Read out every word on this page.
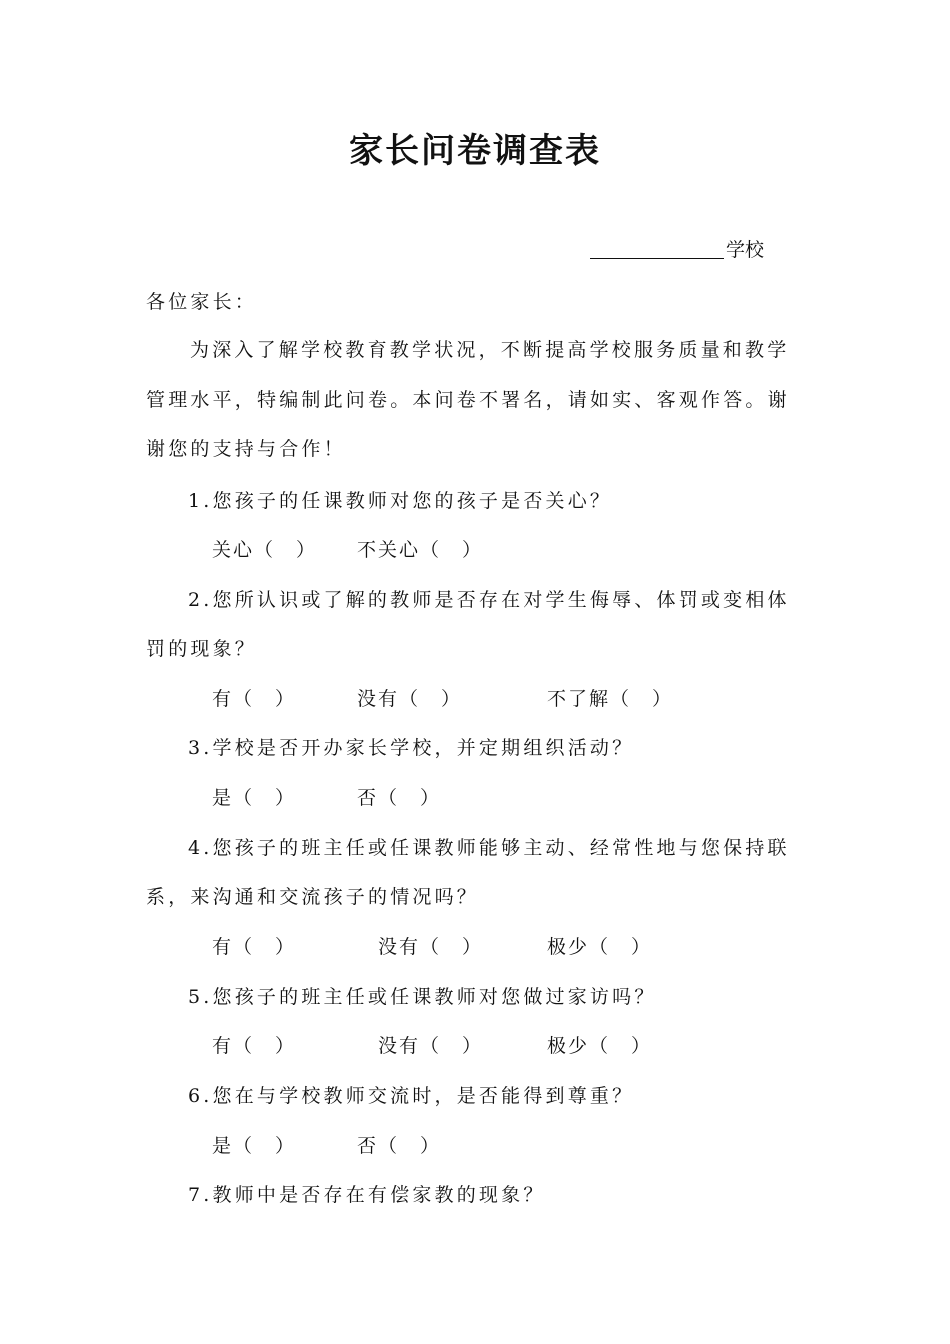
家长问卷调查表
学校
各位家长：
为深入了解学校教育教学状况，不断提高学校服务质量和教学管理水平，特编制此问卷。本问卷不署名，请如实、客观作答。谢谢您的支持与合作！
1.您孩子的任课教师对您的孩子是否关心？
关心（　） 不关心（　）
2.您所认识或了解的教师是否存在对学生侮辱、体罚或变相体
罚的现象？
有（　）	没有（　）	不了解（　）
3.学校是否开办家长学校，并定期组织活动？
是（　）	否（　）
4.您孩子的班主任或任课教师能够主动、经常性地与您保持联
系，来沟通和交流孩子的情况吗？
有（　）	没有（　）	极少（　）
5.您孩子的班主任或任课教师对您做过家访吗？
有（　）	没有（　）	极少（　）
6.您在与学校教师交流时，是否能得到尊重？
是（　）	否（　）
7.教师中是否存在有偿家教的现象？
